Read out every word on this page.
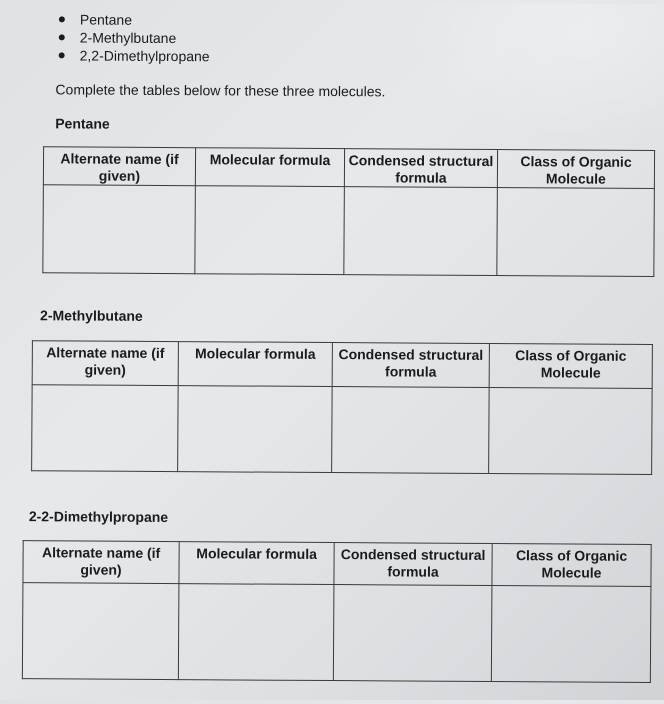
Pentane
2-Methylbutane
2,2-Dimethylpropane
Complete the tables below for these three molecules.
Pentane
Alternate name (if given)	Molecular formula	Condensed structural formula	Class of Organic Molecule

2-Methylbutane
Alternate name (if given)	Molecular formula	Condensed structural formula	Class of Organic Molecule

2-2-Dimethylpropane
Alternate name (if given)	Molecular formula	Condensed structural formula	Class of Organic Molecule
